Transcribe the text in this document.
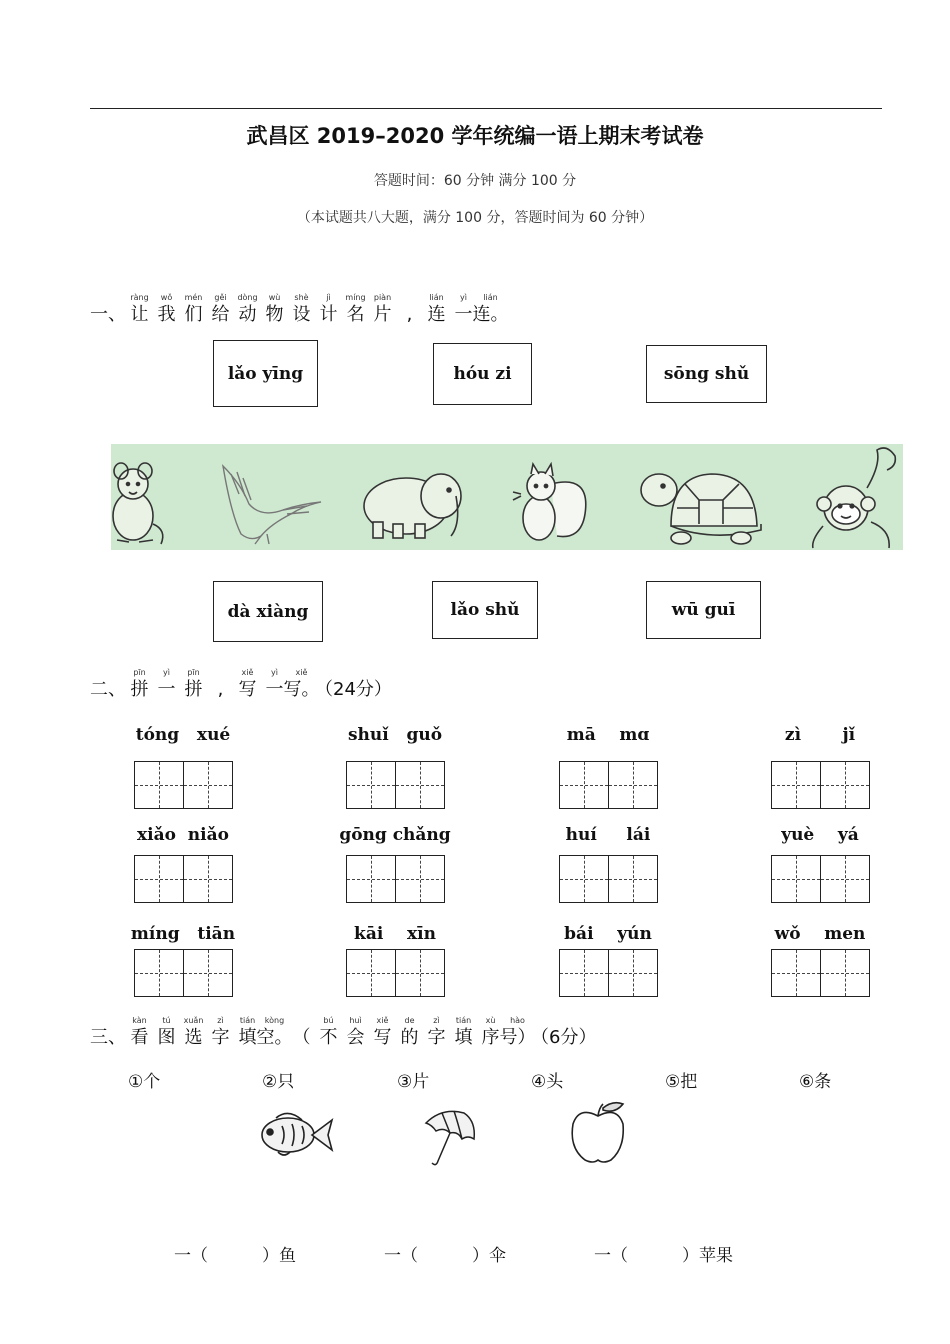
武昌区 2019–2020 学年统编一语上期末考试卷
答题时间：60 分钟 满分 100 分
（本试题共八大题，满分 100 分，答题时间为 60 分钟）
一、
ràng
让
wǒ
我
mén
们
gěi
给
dòng
动
wù
物
shè
设
jì
计
míng
名
piàn
片 ,
lián
连
yì
一
lián
连。
lǎo yīng	hóu zi	sōng shǔ
dà xiàng	lǎo shǔ	wū guī
二、
pīn
拼
yì
一
pīn
拼 ,
xiě
写
yì
一
xiě
写。
（24分）
tóng   xué	shuǐ   guǒ	mā    mɑ	zì       jǐ
xiǎo  niǎo	gōng chǎng	huí     lái	yuè    yá
míng   tiān	kāi    xīn	bái    yún	wǒ    men
三、
kàn
看
tú
图
xuǎn
选
zì
字
tián
填
kòng
空。 （
bú
不
huì
会
xiě
写
de
的
zì
字
tián
填
xù
序
hào
号）
（6分）
①个	②只	③片	④头	⑤把	⑥条
一（          ）鱼	一（          ）伞	一（          ）苹果
